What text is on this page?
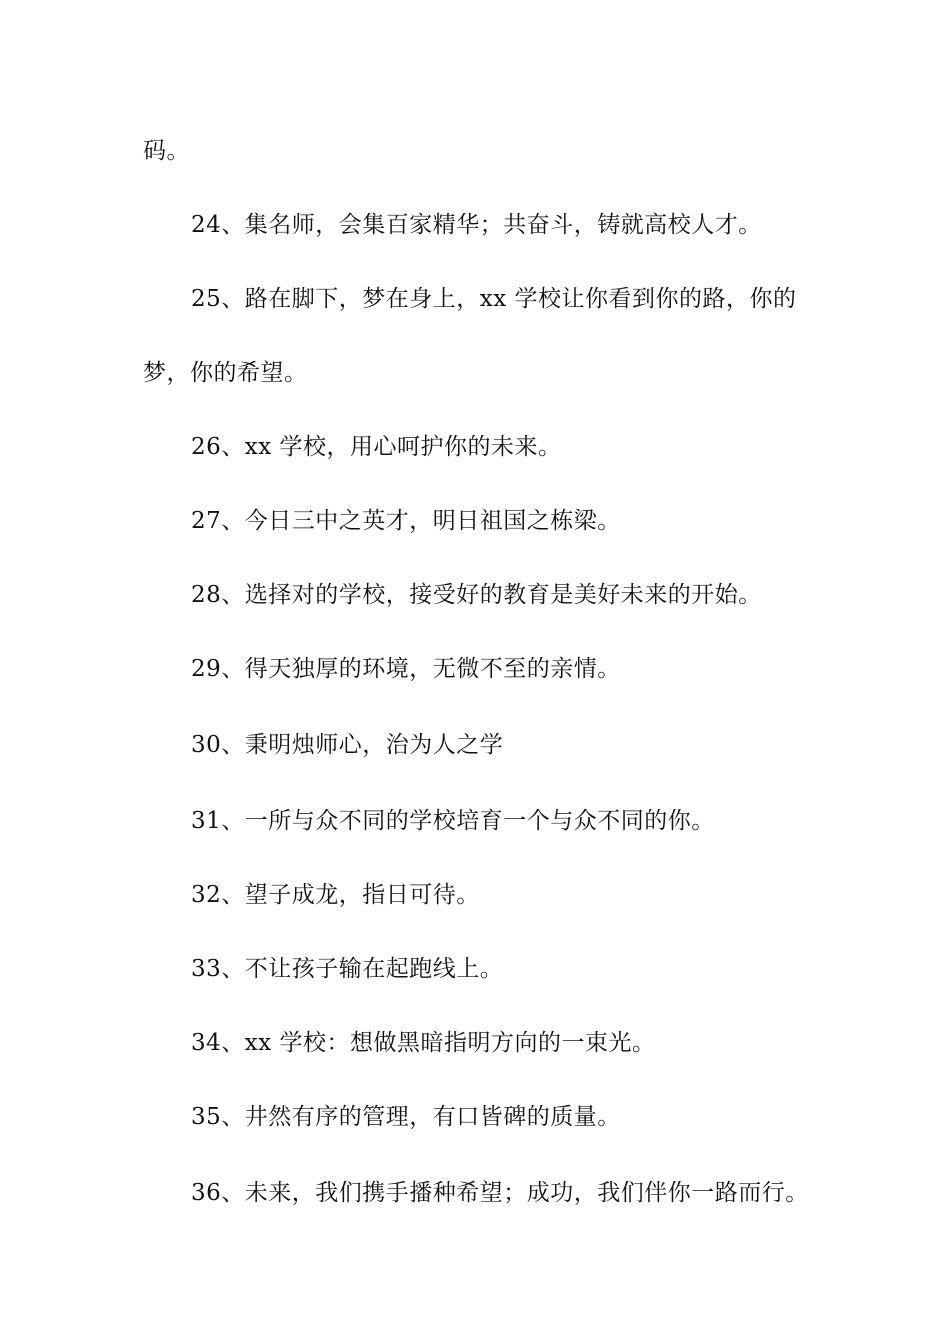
码。
24、集名师，会集百家精华；共奋斗，铸就高校人才。
25、路在脚下，梦在身上，xx 学校让你看到你的路，你的
梦，你的希望。
26、xx 学校，用心呵护你的未来。
27、今日三中之英才，明日祖国之栋梁。
28、选择对的学校，接受好的教育是美好未来的开始。
29、得天独厚的环境，无微不至的亲情。
30、秉明烛师心，治为人之学
31、一所与众不同的学校培育一个与众不同的你。
32、望子成龙，指日可待。
33、不让孩子输在起跑线上。
34、xx 学校：想做黑暗指明方向的一束光。
35、井然有序的管理，有口皆碑的质量。
36、未来，我们携手播种希望；成功，我们伴你一路而行。
